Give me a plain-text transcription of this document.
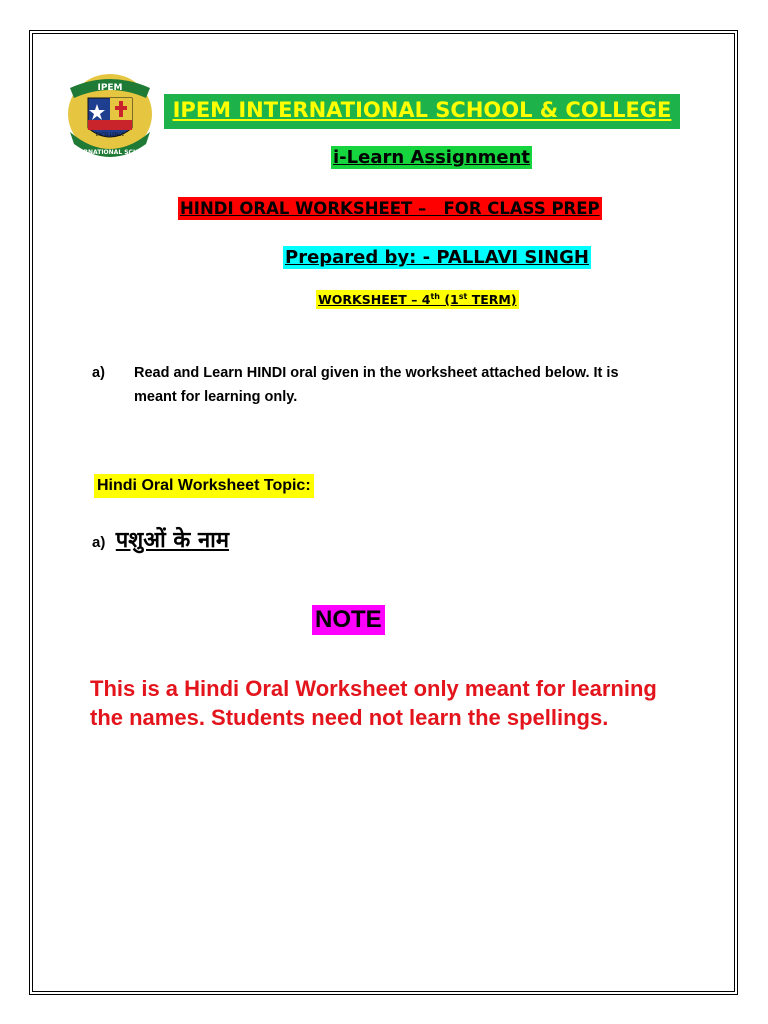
IPEM
INTERNATIONAL SCHOOL
EXCELLENCE
IPEM INTERNATIONAL SCHOOL & COLLEGE
i-Learn Assignment
HINDI ORAL WORKSHEET –   FOR CLASS PREP
Prepared by: - PALLAVI SINGH
WORKSHEET – 4th (1st TERM)
a) Read and Learn HINDI oral given in the worksheet attached below. It is meant for learning only.
Hindi Oral Worksheet Topic:
a) पशुओं के नाम
NOTE
This is a Hindi Oral Worksheet only meant for learning the names. Students need not learn the spellings.
